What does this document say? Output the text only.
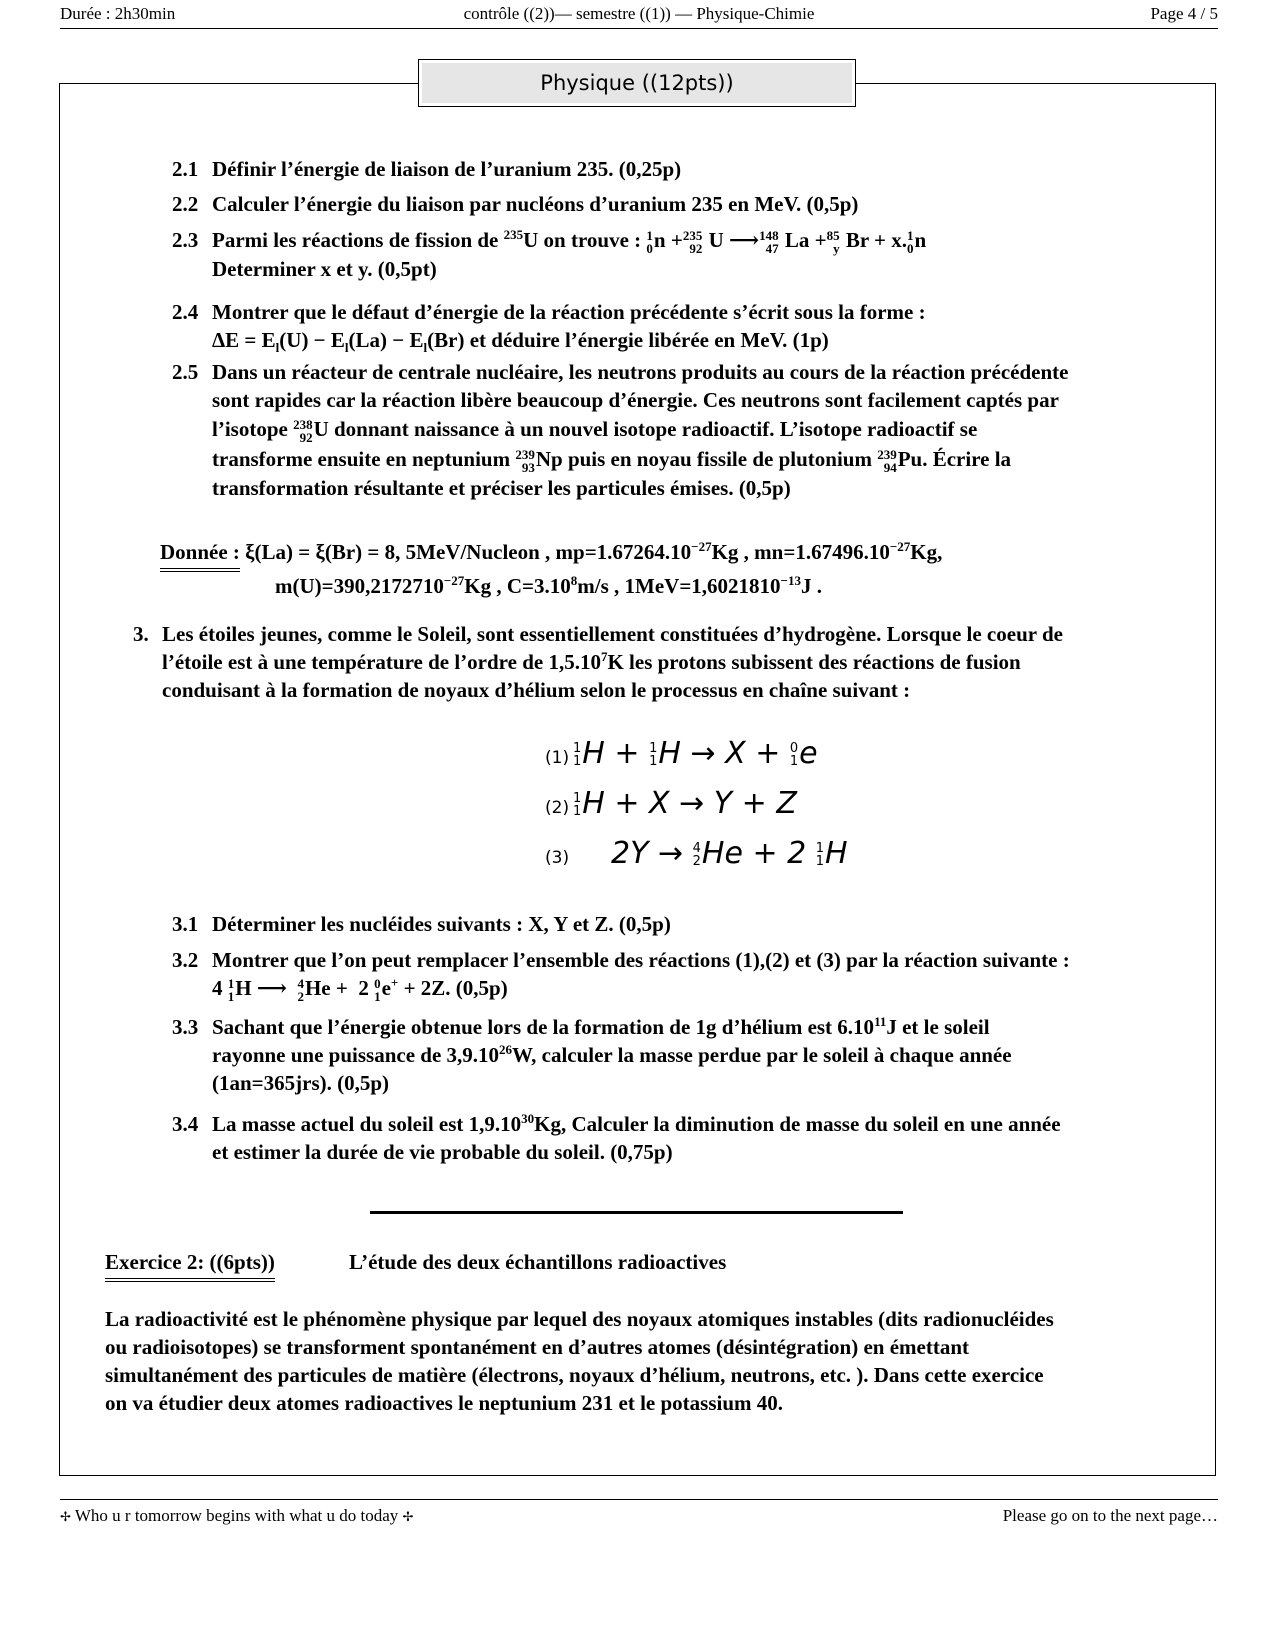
Durée : 2h30min	contrôle ((2))— semestre ((1)) — Physique-Chimie	Page 4 / 5
Physique ((12pts))
2.1 Définir l’énergie de liaison de l’uranium 235. (0,25p)
2.2 Calculer l’énergie du liaison par nucléons d’uranium 235 en MeV. (0,5p)
2.3 Parmi les réactions de fission de $^{235}$U on trouve : 1
0 n + 235
92 U ⟶ 148
47 La + 85
y Br + x. 1
0 n
Determiner x et y. (0,5pt)
2.4 Montrer que le défaut d’énergie de la réaction précédente s’écrit sous la forme :
$\Delta E = E_l(U) - E_l(La) - E_l(Br)$ et déduire l’énergie libérée en MeV. (1p)
2.5 Dans un réacteur de centrale nucléaire, les neutrons produits au cours de la réaction précédente
sont rapides car la réaction libère beaucoup d’énergie. Ces neutrons sont facilement captés par
l’isotope 238
92 U donnant naissance à un nouvel isotope radioactif. L’isotope radioactif se
transforme ensuite en neptunium 239
93 Np puis en noyau fissile de plutonium 239
94 Pu. Écrire la
transformation résultante et préciser les particules émises. (0,5p)
Donnée : ξ(La) = ξ(Br) = 8, 5MeV/Nucleon , $mp=1.67264.10^{-27}Kg$ , $mn=1.67496.10^{-27}Kg$,
$m(U)=390,2172710^{-27}Kg$ , $C=3.10^8m/s$ , $1MeV=1,6021810^{-13}J$ .
3. Les étoiles jeunes, comme le Soleil, sont essentiellement constituées d’hydrogène. Lorsque le coeur de
l’étoile est à une température de l’ordre de 1,5.10$^7$K les protons subissent des réactions de fusion
conduisant à la formation de noyaux d’hélium selon le processus en chaîne suivant :
(1) 1
1 H + 1
1 H → X + 0
1 e
(2) 1
1 H + X → Y + Z
(3) 2Y → 4
2 He + 2 1
1 H
3.1 Déterminer les nucléides suivants : X, Y et Z. (0,5p)
3.2 Montrer que l’on peut remplacer l’ensemble des réactions (1),(2) et (3) par la réaction suivante :
4 1
1 H ⟶ 4
2 He +  2 0
1 e+ + 2Z. (0,5p)
3.3 Sachant que l’énergie obtenue lors de la formation de 1g d’hélium est 6.10$^{11}$J et le soleil
rayonne une puissance de 3,9.10$^{26}$W, calculer la masse perdue par le soleil à chaque année
(1an=365jrs). (0,5p)
3.4 La masse actuel du soleil est 1,9.10$^{30}$Kg, Calculer la diminution de masse du soleil en une année
et estimer la durée de vie probable du soleil. (0,75p)
Exercice 2: ((6pts))	L’étude des deux échantillons radioactives
La radioactivité est le phénomène physique par lequel des noyaux atomiques instables (dits radionucléides
ou radioisotopes) se transforment spontanément en d’autres atomes (désintégration) en émettant
simultanément des particules de matière (électrons, noyaux d’hélium, neutrons, etc. ). Dans cette exercice
on va étudier deux atomes radioactives le neptunium 231 et le potassium 40.
✢ Who u r tomorrow begins with what u do today ✢	Please go on to the next page…
